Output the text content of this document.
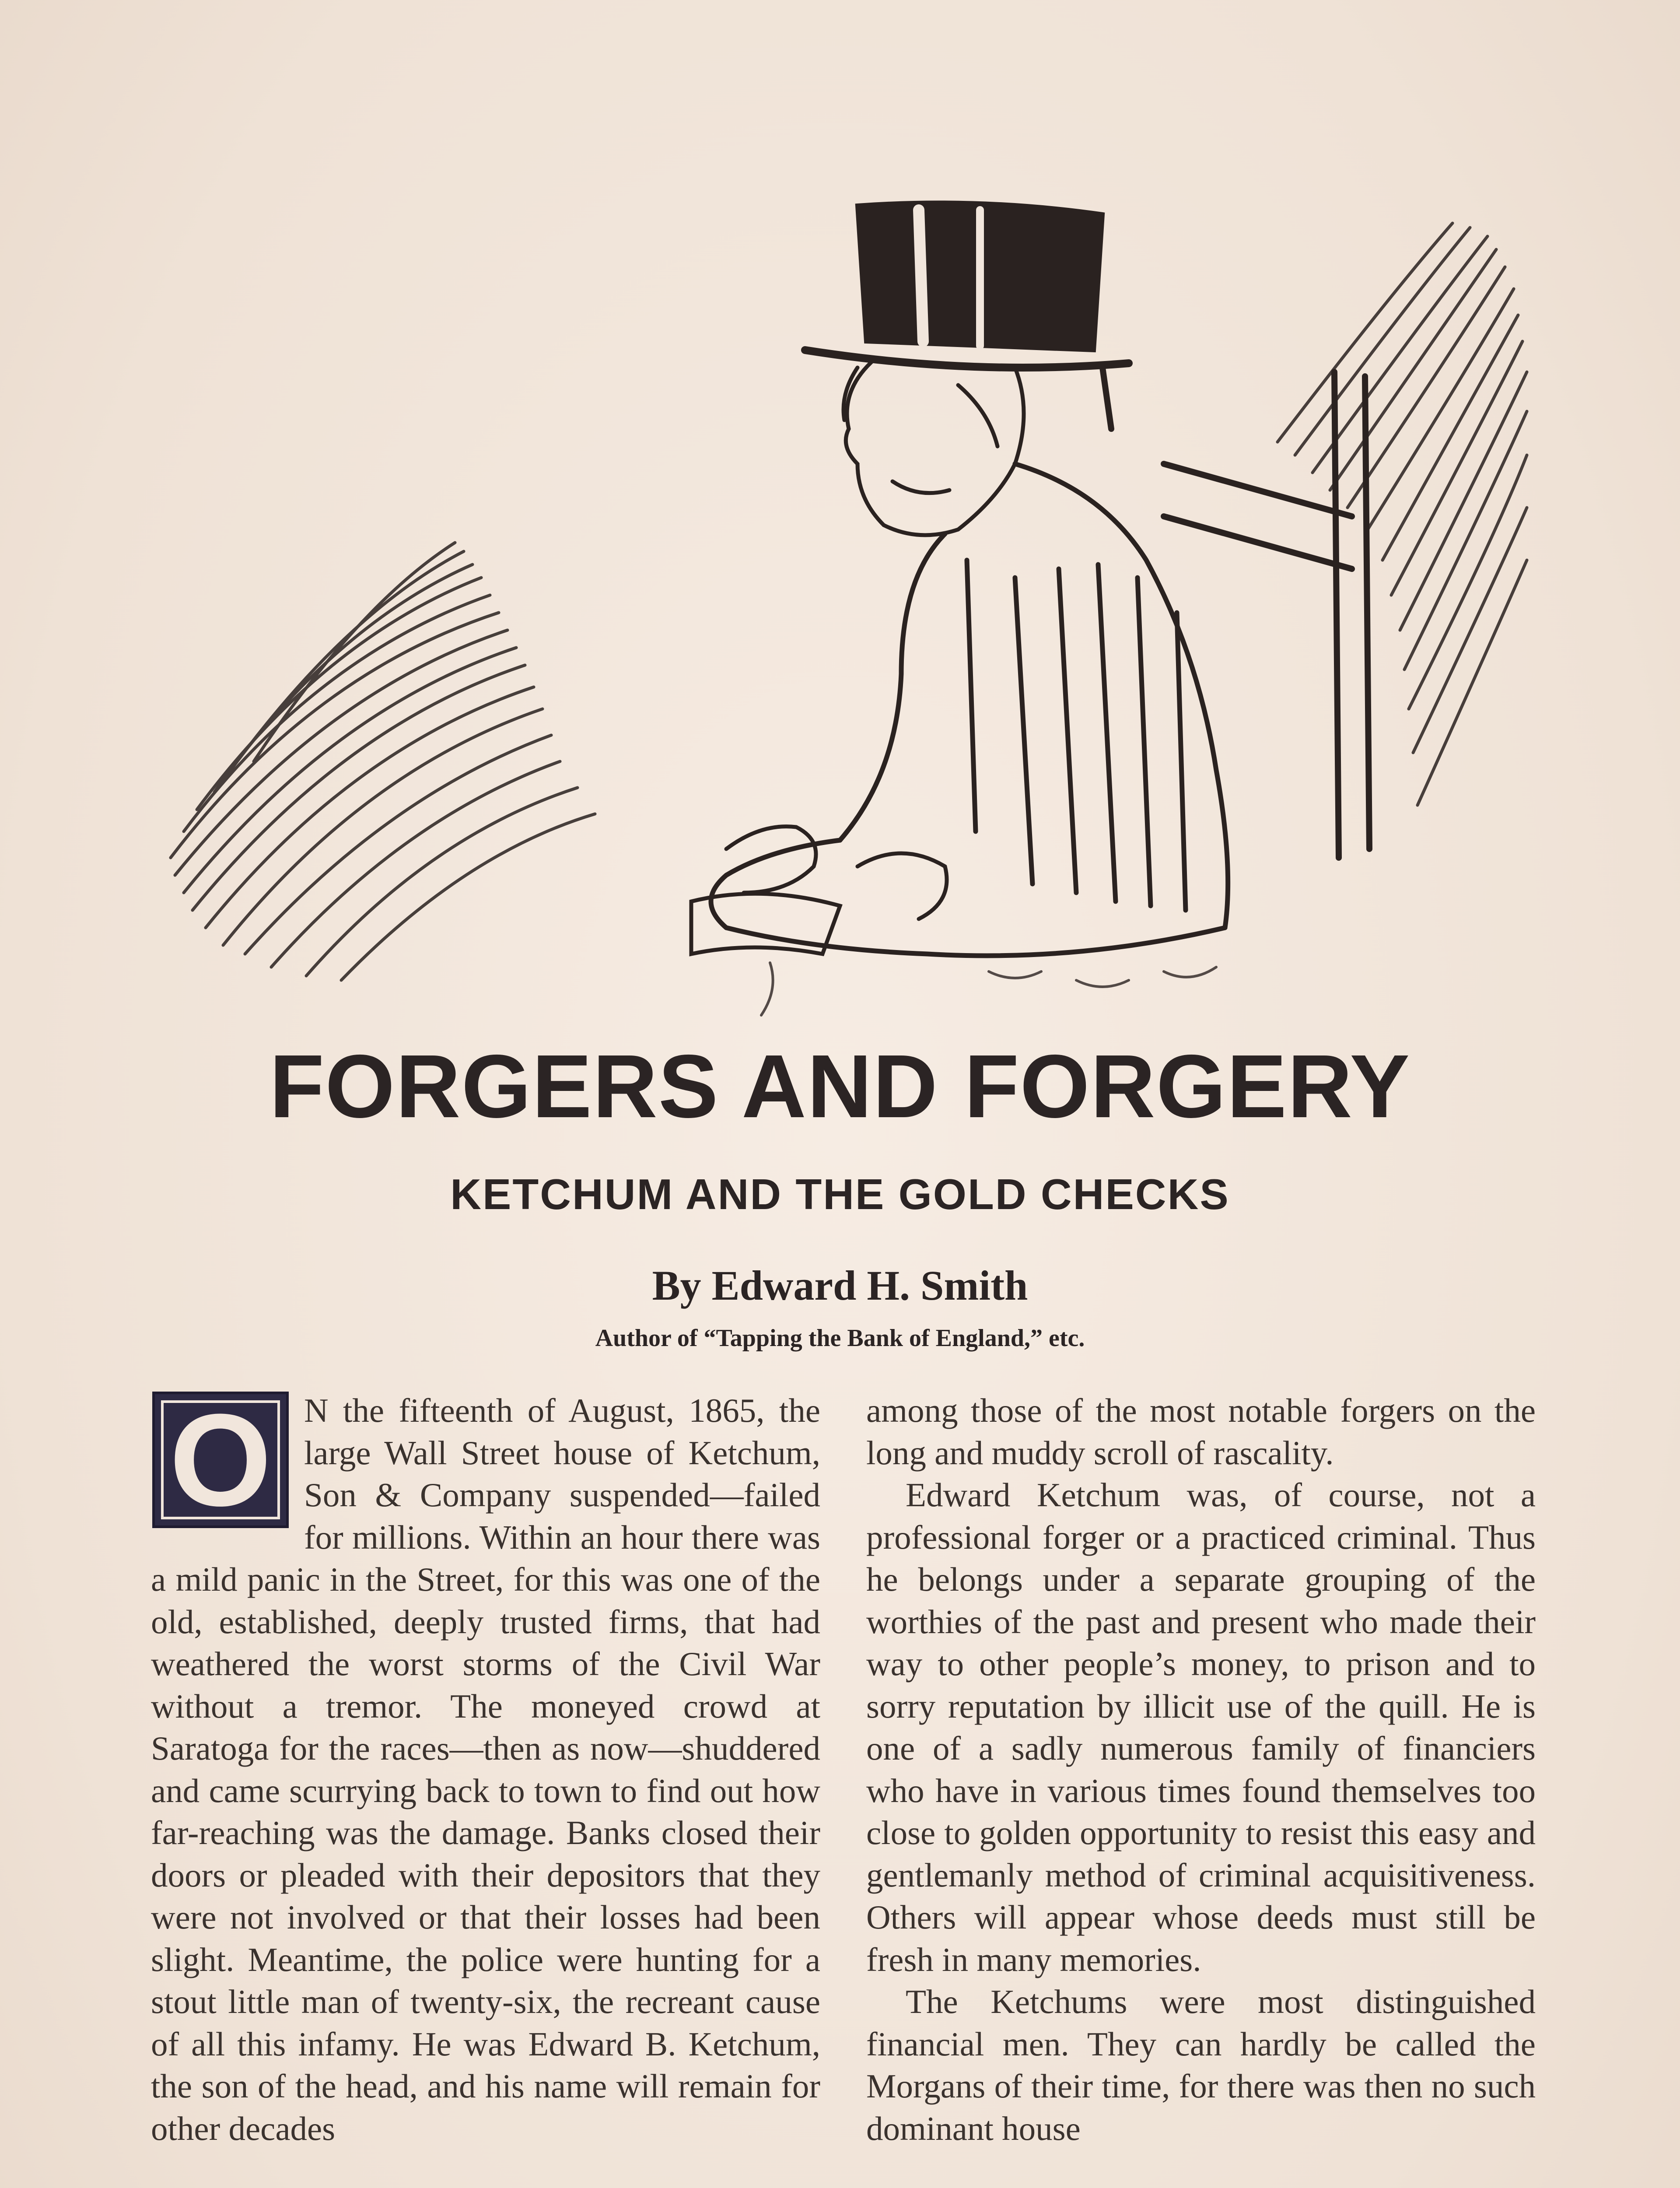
FORGERS AND FORGERY
KETCHUM AND THE GOLD CHECKS
By Edward H. Smith
Author of “Tapping the Bank of England,” etc.
O N the fifteenth of August, 1865, the large Wall Street house of Ketchum, Son & Company suspended—failed for millions. Within an hour there was a mild panic in the Street, for this was one of the old, established, deeply trusted firms, that had weathered the worst storms of the Civil War without a tremor. The moneyed crowd at Saratoga for the races—then as now—shuddered and came scurrying back to town to find out how far-reaching was the damage. Banks closed their doors or pleaded with their depositors that they were not involved or that their losses had been slight. Meantime, the police were hunting for a stout little man of twenty-six, the recreant cause of all this infamy. He was Edward B. Ketchum, the son of the head, and his name will remain for other decades

among those of the most notable forgers on the long and muddy scroll of rascality.

Edward Ketchum was, of course, not a professional forger or a practiced criminal. Thus he belongs under a separate grouping of the worthies of the past and present who made their way to other people’s money, to prison and to sorry reputation by illicit use of the quill. He is one of a sadly numerous family of financiers who have in various times found themselves too close to golden opportunity to resist this easy and gentlemanly method of criminal acquisitiveness. Others will appear whose deeds must still be fresh in many memories.

The Ketchums were most distinguished financial men. They can hardly be called the Morgans of their time, for there was then no such dominant house
